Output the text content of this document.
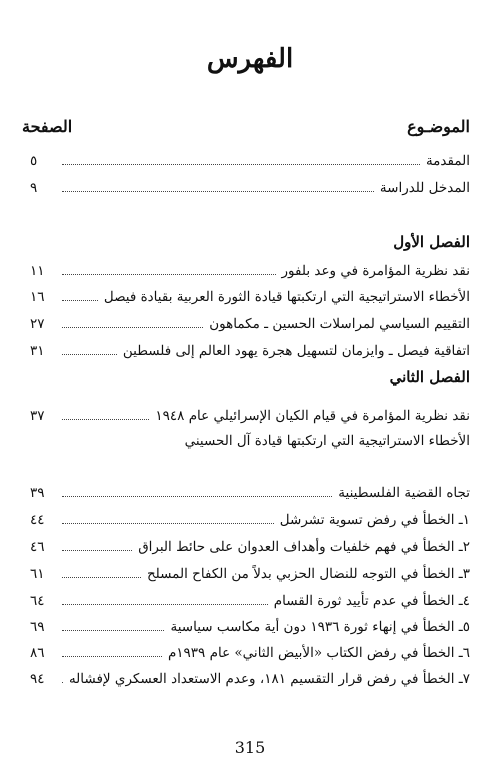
الفهرس
الموضـوع
الصفحة
المقدمة
٥
المدخل للدراسة
٩
الفصل الأول
نقد نظرية المؤامرة في وعد بلفور
١١
الأخطاء الاستراتيجية التي ارتكبتها قيادة الثورة العربية بقيادة فيصل
١٦
التقييم السياسي لمراسلات الحسين ـ مكماهون
٢٧
اتفاقية فيصل ـ وايزمان لتسهيل هجرة يهود العالم إلى فلسطين
٣١
الفصل الثاني
نقد نظرية المؤامرة في قيام الكيان الإسرائيلي عام ١٩٤٨
٣٧
الأخطاء الاستراتيجية التي ارتكبتها قيادة آل الحسيني
تجاه القضية الفلسطينية
٣٩
١ـ الخطأ في رفض تسوية تشرشل
٤٤
٢ـ الخطأ في فهم خلفيات وأهداف العدوان على حائط البراق
٤٦
٣ـ الخطأ في التوجه للنضال الحزبي بدلاً من الكفاح المسلح
٦١
٤ـ الخطأ في عدم تأييد ثورة القسام
٦٤
٥ـ الخطأ في إنهاء ثورة ١٩٣٦ دون أية مكاسب سياسية
٦٩
٦ـ الخطأ في رفض الكتاب «الأبيض الثاني» عام ١٩٣٩م
٨٦
٧ـ الخطأ في رفض قرار التقسيم ١٨١، وعدم الاستعداد العسكري لإفشاله
٩٤
315
